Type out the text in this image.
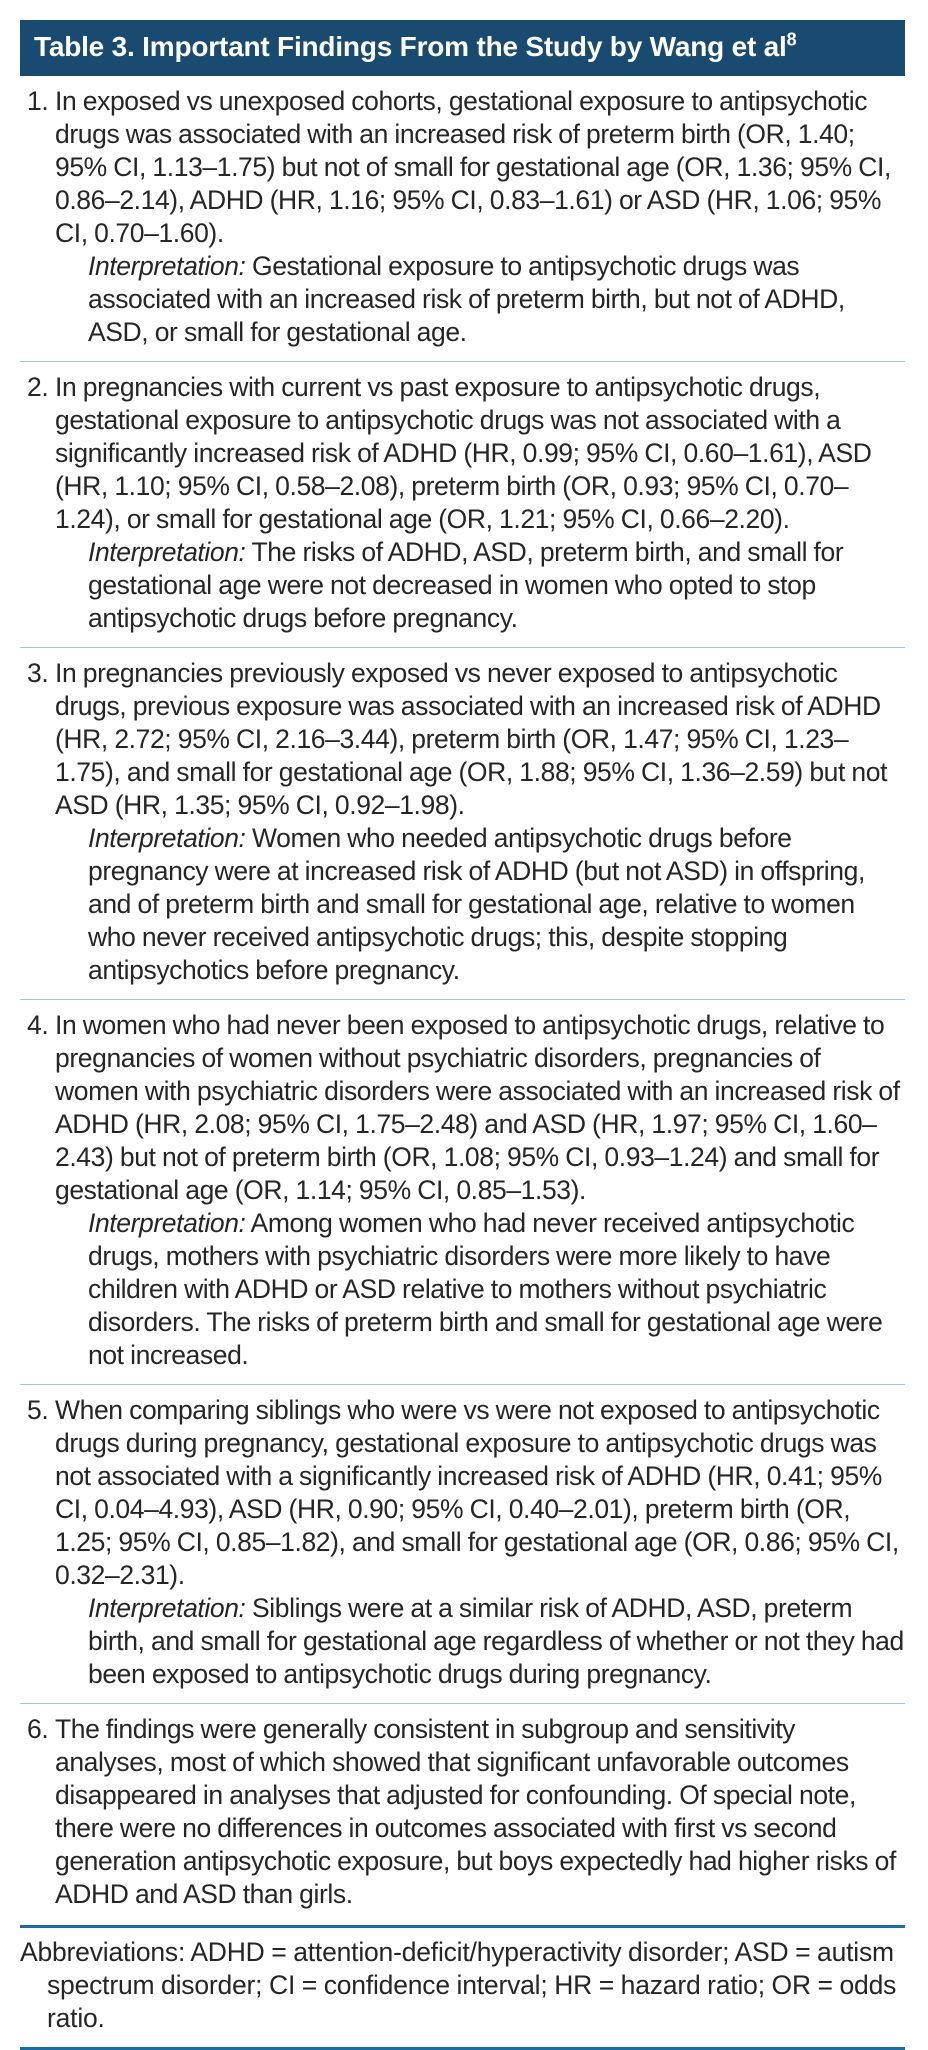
Table 3. Important Findings From the Study by Wang et $al^8$

1. In exposed vs unexposed cohorts, gestational exposure to antipsychotic drugs was associated with an increased risk of preterm birth (OR, 1.40; 95% CI, 1.13–1.75) but not of small for gestational age (OR, 1.36; 95% CI, 0.86–2.14), ADHD (HR, 1.16; 95% CI, 0.83–1.61) or ASD (HR, 1.06; 95% CI, 0.70–1.60).

Interpretation: Gestational exposure to antipsychotic drugs was associated with an increased risk of preterm birth, but not of ADHD, ASD, or small for gestational age.

2. In pregnancies with current vs past exposure to antipsychotic drugs, gestational exposure to antipsychotic drugs was not associated with a significantly increased risk of ADHD (HR, 0.99; 95% CI, 0.60–1.61), ASD (HR, 1.10; 95% CI, 0.58–2.08), preterm birth (OR, 0.93; 95% CI, 0.70–1.24), or small for gestational age (OR, 1.21; 95% CI, 0.66–2.20).

Interpretation: The risks of ADHD, ASD, preterm birth, and small for gestational age were not decreased in women who opted to stop antipsychotic drugs before pregnancy.

3. In pregnancies previously exposed vs never exposed to antipsychotic drugs, previous exposure was associated with an increased risk of ADHD (HR, 2.72; 95% CI, 2.16–3.44), preterm birth (OR, 1.47; 95% CI, 1.23–1.75), and small for gestational age (OR, 1.88; 95% CI, 1.36–2.59) but not ASD (HR, 1.35; 95% CI, 0.92–1.98).

Interpretation: Women who needed antipsychotic drugs before pregnancy were at increased risk of ADHD (but not ASD) in offspring, and of preterm birth and small for gestational age, relative to women who never received antipsychotic drugs; this, despite stopping antipsychotics before pregnancy.

4. In women who had never been exposed to antipsychotic drugs, relative to pregnancies of women without psychiatric disorders, pregnancies of women with psychiatric disorders were associated with an increased risk of ADHD (HR, 2.08; 95% CI, 1.75–2.48) and ASD (HR, 1.97; 95% CI, 1.60–2.43) but not of preterm birth (OR, 1.08; 95% CI, 0.93–1.24) and small for gestational age (OR, 1.14; 95% CI, 0.85–1.53).

Interpretation: Among women who had never received antipsychotic drugs, mothers with psychiatric disorders were more likely to have children with ADHD or ASD relative to mothers without psychiatric disorders. The risks of preterm birth and small for gestational age were not increased.

5. When comparing siblings who were vs were not exposed to antipsychotic drugs during pregnancy, gestational exposure to antipsychotic drugs was not associated with a significantly increased risk of ADHD (HR, 0.41; 95% CI, 0.04–4.93), ASD (HR, 0.90; 95% CI, 0.40–2.01), preterm birth (OR, 1.25; 95% CI, 0.85–1.82), and small for gestational age (OR, 0.86; 95% CI, 0.32–2.31).

Interpretation: Siblings were at a similar risk of ADHD, ASD, preterm birth, and small for gestational age regardless of whether or not they had been exposed to antipsychotic drugs during pregnancy.

6. The findings were generally consistent in subgroup and sensitivity analyses, most of which showed that significant unfavorable outcomes disappeared in analyses that adjusted for confounding. Of special note, there were no differences in outcomes associated with first vs second generation antipsychotic exposure, but boys expectedly had higher risks of ADHD and ASD than girls.

Abbreviations: ADHD = attention-deficit/hyperactivity disorder; ASD = autism spectrum disorder; CI = confidence interval; HR = hazard ratio; OR = odds ratio.
